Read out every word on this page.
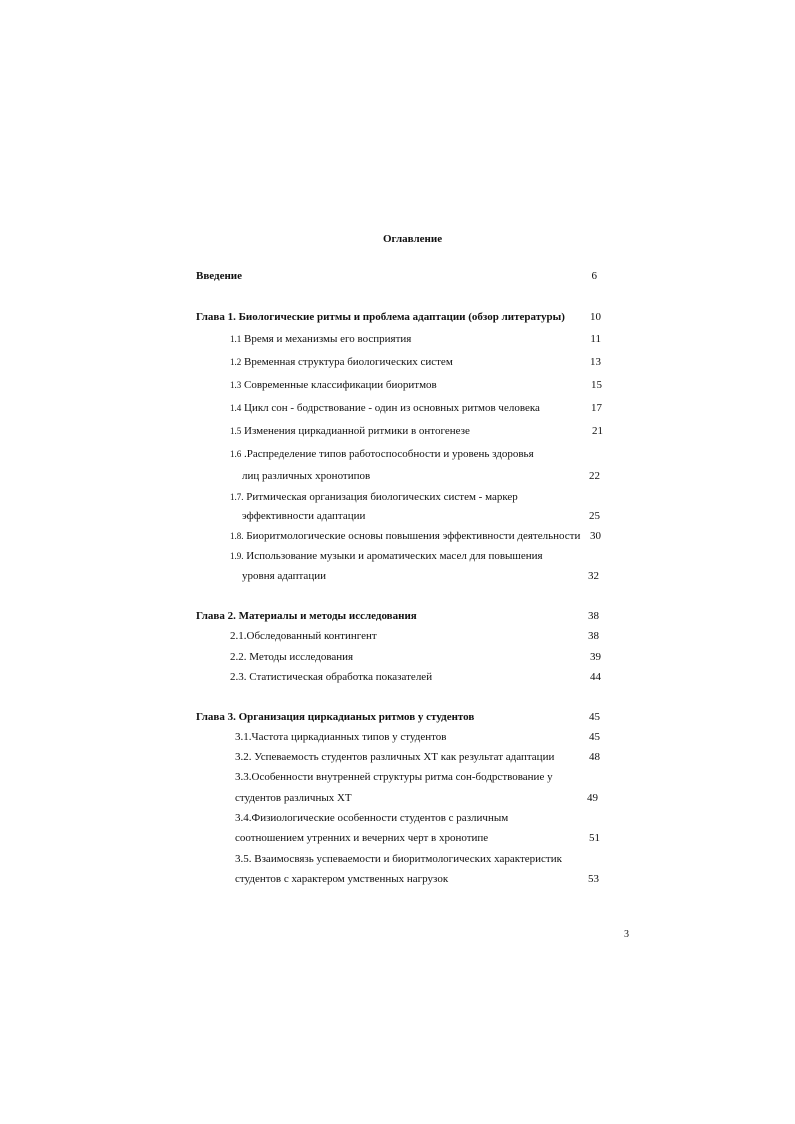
Оглавление
Введение	6
Глава 1. Биологические ритмы и проблема адаптации (обзор литературы)	10
1.1 Время и механизмы его восприятия	11
1.2 Временная структура биологических систем	13
1.3 Современные классификации биоритмов	15
1.4 Цикл сон - бодрствование - один из основных ритмов человека	17
1.5 Изменения циркадианной ритмики в онтогенезе	21
1.6 .Распределение типов работоспособности и уровень здоровья
лиц различных хронотипов	22
1.7. Ритмическая организация биологических систем - маркер
эффективности адаптации	25
1.8. Биоритмологические основы повышения эффективности деятельности 30
1.9. Использование музыки и ароматических масел для повышения
уровня адаптации	32
Глава 2. Материалы и методы исследования	38
2.1.Обследованный контингент	38
2.2. Методы исследования	39
2.3. Статистическая обработка показателей	44
Глава 3. Организация циркадианых ритмов у студентов	45
3.1.Частота циркадианных типов у студентов	45
3.2. Успеваемость студентов различных ХТ как результат адаптации	48
3.3.Особенности внутренней структуры ритма сон-бодрствование у
студентов различных ХТ	49
3.4.Физиологические особенности студентов с различным
соотношением утренних и вечерних черт в хронотипе	51
3.5. Взаимосвязь успеваемости и биоритмологических характеристик
студентов с характером умственных нагрузок	53
3
